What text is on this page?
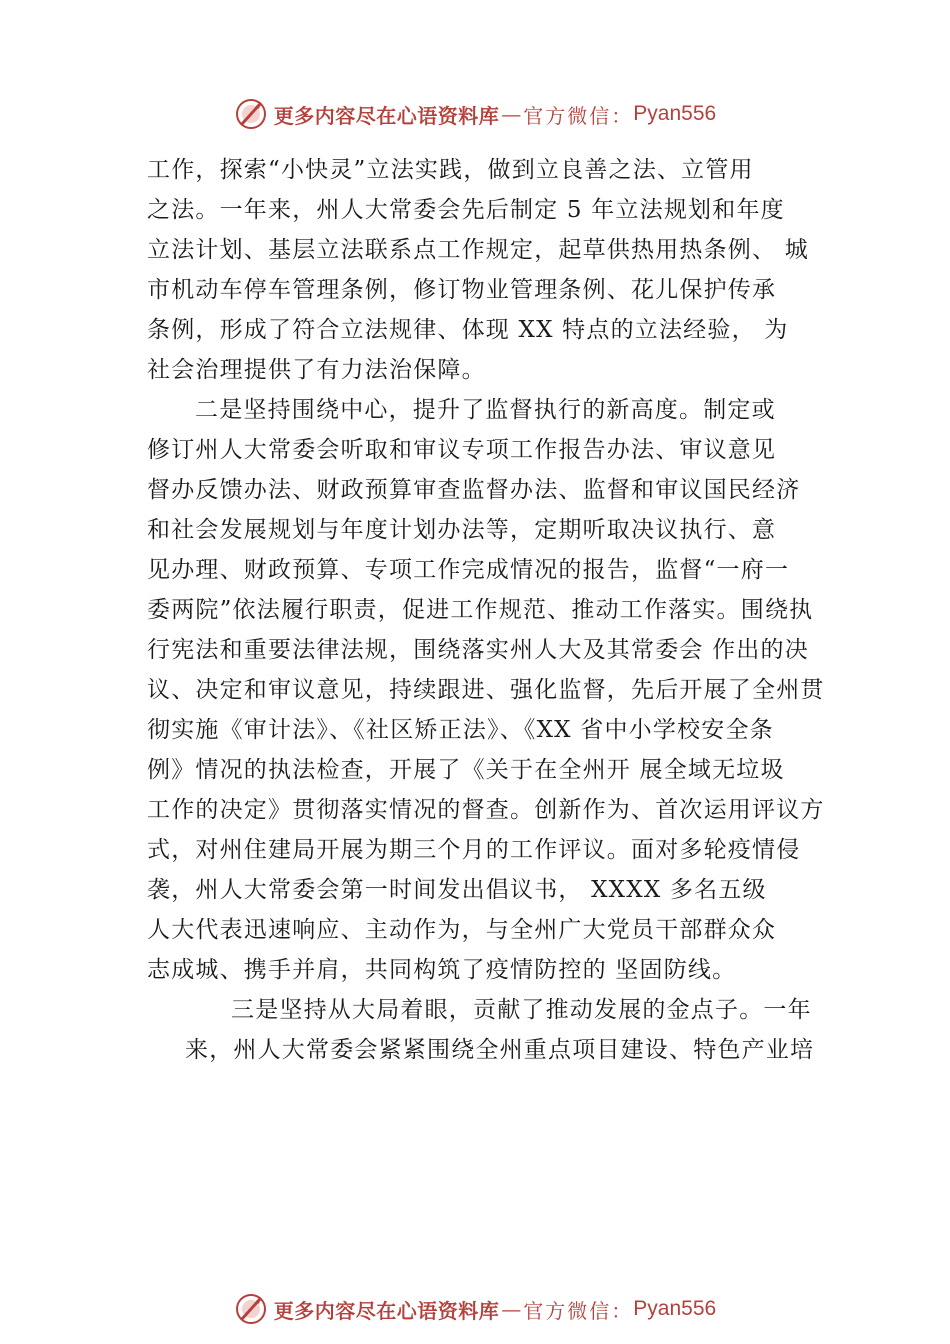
更多内容尽在心语资料库 — 官方微信： Pyan556
工作，探索“小快灵”立法实践，做到立良善之法、立管用
之法。一年来，州人大常委会先后制定 5 年立法规划和年度
立法计划、基层立法联系点工作规定，起草供热用热条例、 城
市机动车停车管理条例，修订物业管理条例、花儿保护传承
条例，形成了符合立法规律、体现 XX 特点的立法经验， 为
社会治理提供了有力法治保障。
二是坚持围绕中心，提升了监督执行的新高度。制定或
修订州人大常委会听取和审议专项工作报告办法、审议意见
督办反馈办法、财政预算审查监督办法、监督和审议国民经济
和社会发展规划与年度计划办法等，定期听取决议执行、意
见办理、财政预算、专项工作完成情况的报告，监督“一府一
委两院”依法履行职责，促进工作规范、推动工作落实。围绕执
行宪法和重要法律法规，围绕落实州人大及其常委会 作出的决
议、决定和审议意见，持续跟进、强化监督，先后开展了全州贯
彻实施《审计法》、《社区矫正法》、《XX 省中小学校安全条
例》情况的执法检查，开展了《关于在全州开 展全域无垃圾
工作的决定》贯彻落实情况的督查。创新作为、首次运用评议方
式，对州住建局开展为期三个月的工作评议。面对多轮疫情侵
袭，州人大常委会第一时间发出倡议书， XXXX 多名五级
人大代表迅速响应、主动作为，与全州广大党员干部群众众
志成城、携手并肩，共同构筑了疫情防控的 坚固防线。
三是坚持从大局着眼，贡献了推动发展的金点子。一年
来，州人大常委会紧紧围绕全州重点项目建设、特色产业培
更多内容尽在心语资料库 — 官方微信： Pyan556
